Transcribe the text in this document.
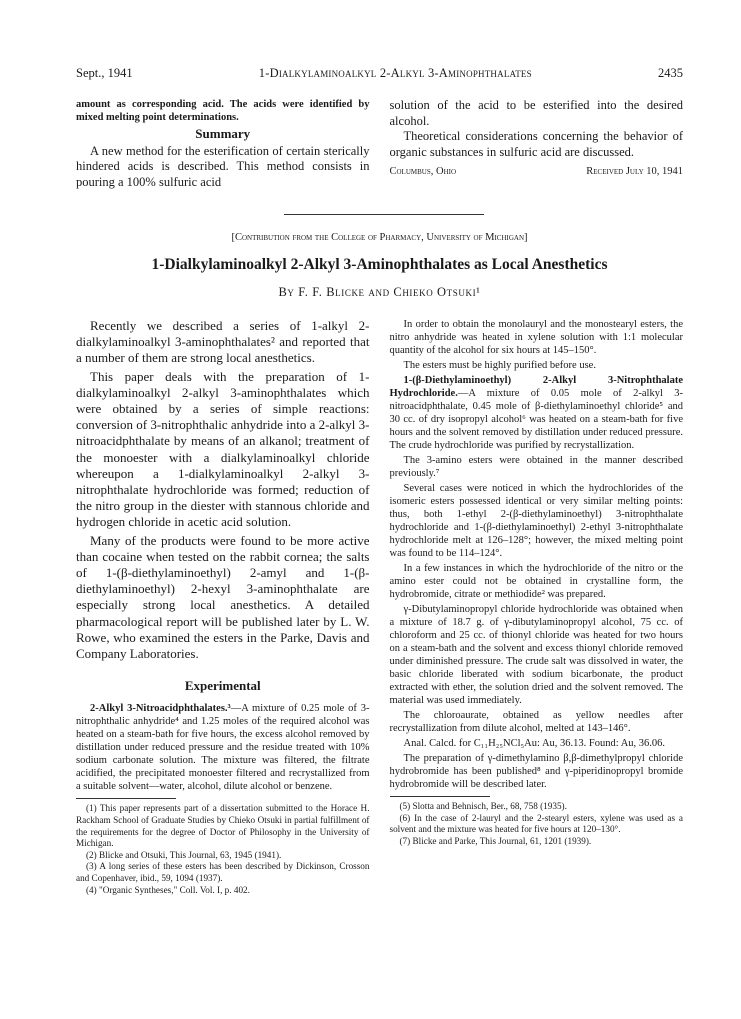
Sept., 1941	1-Dialkylaminoalkyl 2-Alkyl 3-Aminophthalates	2435

amount as corresponding acid. The acids were identified by mixed melting point determinations.

Summary

A new method for the esterification of certain sterically hindered acids is described. This method consists in pouring a 100% sulfuric acid

solution of the acid to be esterified into the desired alcohol.

Theoretical considerations concerning the behavior of organic substances in sulfuric acid are discussed.

Columbus, Ohio	Received July 10, 1941
[Contribution from the College of Pharmacy, University of Michigan]
1-Dialkylaminoalkyl 2-Alkyl 3-Aminophthalates as Local Anesthetics
By F. F. Blicke and Chieko Otsuki¹

Recently we described a series of 1-alkyl 2-dialkylaminoalkyl 3-aminophthalates² and reported that a number of them are strong local anesthetics.

This paper deals with the preparation of 1-dialkylaminoalkyl 2-alkyl 3-aminophthalates which were obtained by a series of simple reactions: conversion of 3-nitrophthalic anhydride into a 2-alkyl 3-nitroacidphthalate by means of an alkanol; treatment of the monoester with a dialkylaminoalkyl chloride whereupon a 1-dialkylaminoalkyl 2-alkyl 3-nitrophthalate hydrochloride was formed; reduction of the nitro group in the diester with stannous chloride and hydrogen chloride in acetic acid solution.

Many of the products were found to be more active than cocaine when tested on the rabbit cornea; the salts of 1-(β-diethylaminoethyl) 2-amyl and 1-(β-diethylaminoethyl) 2-hexyl 3-aminophthalate are especially strong local anesthetics. A detailed pharmacological report will be published later by L. W. Rowe, who examined the esters in the Parke, Davis and Company Laboratories.

Experimental

2-Alkyl 3-Nitroacidphthalates.³—A mixture of 0.25 mole of 3-nitrophthalic anhydride⁴ and 1.25 moles of the required alcohol was heated on a steam-bath for five hours, the excess alcohol removed by distillation under reduced pressure and the residue treated with 10% sodium carbonate solution. The mixture was filtered, the filtrate acidified, the precipitated monoester filtered and recrystallized from a suitable solvent—water, alcohol, dilute alcohol or benzene.

(1) This paper represents part of a dissertation submitted to the Horace H. Rackham School of Graduate Studies by Chieko Otsuki in partial fulfillment of the requirements for the degree of Doctor of Philosophy in the University of Michigan.

(2) Blicke and Otsuki, This Journal, 63, 1945 (1941).

(3) A long series of these esters has been described by Dickinson, Crosson and Copenhaver, ibid., 59, 1094 (1937).

(4) "Organic Syntheses," Coll. Vol. I, p. 402.

In order to obtain the monolauryl and the monostearyl esters, the nitro anhydride was heated in xylene solution with 1:1 molecular quantity of the alcohol for six hours at 145–150°.

The esters must be highly purified before use.

1-(β-Diethylaminoethyl) 2-Alkyl 3-Nitrophthalate Hydrochloride.—A mixture of 0.05 mole of 2-alkyl 3-nitroacidphthalate, 0.45 mole of β-diethylaminoethyl chloride⁵ and 30 cc. of dry isopropyl alcohol⁶ was heated on a steam-bath for five hours and the solvent removed by distillation under reduced pressure. The crude hydrochloride was purified by recrystallization.

The 3-amino esters were obtained in the manner described previously.⁷

Several cases were noticed in which the hydrochlorides of the isomeric esters possessed identical or very similar melting points: thus, both 1-ethyl 2-(β-diethylaminoethyl) 3-nitrophthalate hydrochloride and 1-(β-diethylaminoethyl) 2-ethyl 3-nitrophthalate hydrochloride melt at 126–128°; however, the mixed melting point was found to be 114–124°.

In a few instances in which the hydrochloride of the nitro or the amino ester could not be obtained in crystalline form, the hydrobromide, citrate or methiodide² was prepared.

γ-Dibutylaminopropyl chloride hydrochloride was obtained when a mixture of 18.7 g. of γ-dibutylaminopropyl alcohol, 75 cc. of chloroform and 25 cc. of thionyl chloride was heated for two hours on a steam-bath and the solvent and excess thionyl chloride removed under diminished pressure. The crude salt was dissolved in water, the basic chloride liberated with sodium bicarbonate, the product extracted with ether, the solution dried and the solvent removed. The material was used immediately.

The chloroaurate, obtained as yellow needles after recrystallization from dilute alcohol, melted at 143–146°.

Anal. Calcd. for C₁₁H₂₅NCl₅Au: Au, 36.13. Found: Au, 36.06.

The preparation of γ-dimethylamino β,β-dimethylpropyl chloride hydrobromide has been published⁸ and γ-piperidinopropyl bromide hydrobromide will be described later.

(5) Slotta and Behnisch, Ber., 68, 758 (1935).

(6) In the case of 2-lauryl and the 2-stearyl esters, xylene was used as a solvent and the mixture was heated for five hours at 120–130°.

(7) Blicke and Parke, This Journal, 61, 1201 (1939).
